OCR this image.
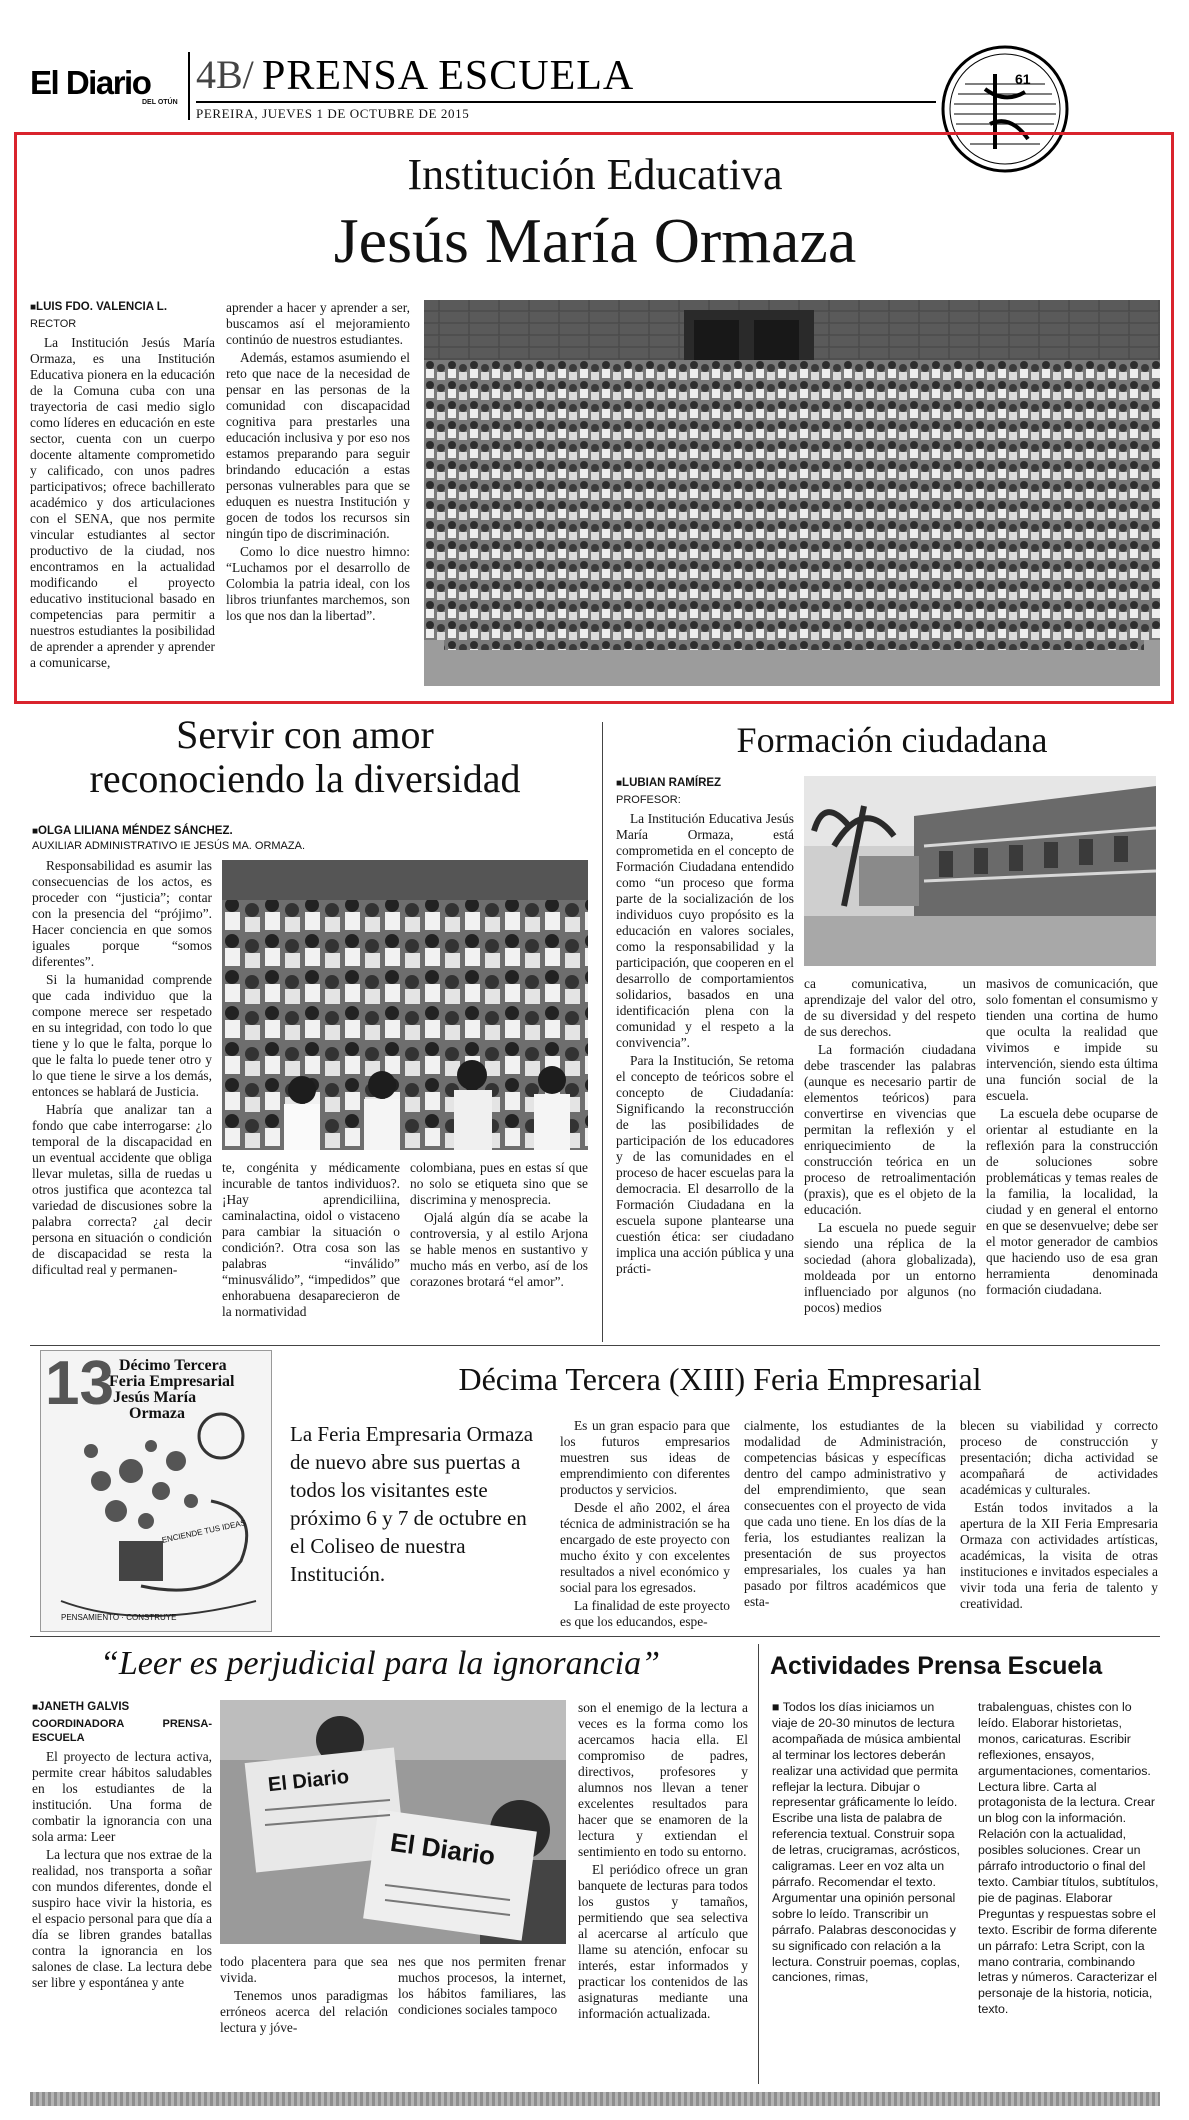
El Diario
DEL OTÚN
4B/ PRENSA ESCUELA
PEREIRA, JUEVES 1 DE OCTUBRE DE 2015
61
Institución Educativa
Jesús María Ormaza

■ LUIS FDO. VALENCIA L.

RECTOR

La Institución Jesús María Ormaza, es una Institución Educativa pionera en la educación de la Comuna cuba con una trayectoria de casi medio siglo como líderes en educación en este sector, cuenta con un cuerpo docente altamente comprometido y calificado, con unos padres participativos; ofrece bachillerato académico y dos articulaciones con el SENA, que nos permite vincular estudiantes al sector productivo de la ciudad, nos encontramos en la actualidad modificando el proyecto educativo institucional basado en competencias para permitir a nuestros estudiantes la posibilidad de aprender a aprender y aprender a comunicarse,

aprender a hacer y aprender a ser, buscamos así el mejoramiento continúo de nuestros estudiantes.

Además, estamos asumiendo el reto que nace de la necesidad de pensar en las personas de la comunidad con discapacidad cognitiva para prestarles una educación inclusiva y por eso nos estamos preparando para seguir brindando educación a estas personas vulnerables para que se eduquen es nuestra Institución y gocen de todos los recursos sin ningún tipo de discriminación.

Como lo dice nuestro himno: “Luchamos por el desarrollo de Colombia la patria ideal, con los libros triunfantes marchemos, son los que nos dan la libertad”.

Servir con amor
reconociendo la diversidad
■ OLGA LILIANA MÉNDEZ SÁNCHEZ.
AUXILIAR ADMINISTRATIVO IE JESÚS MA. ORMAZA.

Responsabilidad es asumir las consecuencias de los actos, es proceder con “justicia”; contar con la presencia del “prójimo”. Hacer conciencia en que somos iguales porque “somos diferentes”.

Si la humanidad comprende que cada individuo que la compone merece ser respetado en su integridad, con todo lo que tiene y lo que le falta, porque lo que le falta lo puede tener otro y lo que tiene le sirve a los demás, entonces se hablará de Justicia.

Habría que analizar tan a fondo que cabe interrogarse: ¿lo temporal de la discapacidad en un eventual accidente que obliga llevar muletas, silla de ruedas u otros justifica que acontezca tal variedad de discusiones sobre la palabra correcta? ¿al decir persona en situación o condición de discapacidad se resta la dificultad real y permanen-

te, congénita y médicamente incurable de tantos individuos?. ¡Hay aprendiciliina, caminalactina, oidol o vistaceno para cambiar la situación o condición?. Otra cosa son las palabras “inválido” “minusválido”, “impedidos” que enhorabuena desaparecieron de la normatividad

colombiana, pues en estas sí que no solo se etiqueta sino que se discrimina y menosprecia.

Ojalá algún día se acabe la controversia, y al estilo Arjona se hable menos en sustantivo y mucho más en verbo, así de los corazones brotará “el amor”.

Formación ciudadana

■ LUBIAN RAMÍREZ

PROFESOR:

La Institución Educativa Jesús María Ormaza, está comprometida en el concepto de Formación Ciudadana entendido como “un proceso que forma parte de la socialización de los individuos cuyo propósito es la educación en valores sociales, como la responsabilidad y la participación, que cooperen en el desarrollo de comportamientos solidarios, basados en una identificación plena con la comunidad y el respeto a la convivencia”.

Para la Institución, Se retoma el concepto de teóricos sobre el concepto de Ciudadanía: Significando la reconstrucción de las posibilidades de participación de los educadores y de las comunidades en el proceso de hacer escuelas para la democracia. El desarrollo de la Formación Ciudadana en la escuela supone plantearse una cuestión ética: ser ciudadano implica una acción pública y una prácti-

ca comunicativa, un aprendizaje del valor del otro, de su diversidad y del respeto de sus derechos.

La formación ciudadana debe trascender las palabras (aunque es necesario partir de elementos teóricos) para convertirse en vivencias que permitan la reflexión y el enriquecimiento de la construcción teórica en un proceso de retroalimentación (praxis), que es el objeto de la educación.

La escuela no puede seguir siendo una réplica de la sociedad (ahora globalizada), moldeada por un entorno influenciado por algunos (no pocos) medios

masivos de comunicación, que solo fomentan el consumismo y tienden una cortina de humo que oculta la realidad que vivimos e impide su intervención, siendo esta última una función social de la escuela.

La escuela debe ocuparse de orientar al estudiante en la reflexión para la construcción de soluciones sobre problemáticas y temas reales de la familia, la localidad, la ciudad y en general el entorno en que se desenvuelve; debe ser el motor generador de cambios que haciendo uso de esa gran herramienta denominada formación ciudadana.

13 Décimo Tercera
Feria Empresarial
Jesús María
Ormaza
ENCIENDE TUS IDEAS
PENSAMIENTO · CONSTRUYE
Décima Tercera (XIII) Feria Empresarial
La Feria Empresaria Ormaza de nuevo abre sus puertas a todos los visitantes este próximo 6 y 7 de octubre en el Coliseo de nuestra Institución.

Es un gran espacio para que los futuros empresarios muestren sus ideas de emprendimiento con diferentes productos y servicios.

Desde el año 2002, el área técnica de administración se ha encargado de este proyecto con mucho éxito y con excelentes resultados a nivel económico y social para los egresados.

La finalidad de este proyecto es que los educandos, espe-

cialmente, los estudiantes de la modalidad de Administración, competencias básicas y específicas dentro del campo administrativo y del emprendimiento, que sean consecuentes con el proyecto de vida que cada uno tiene. En los días de la feria, los estudiantes realizan la presentación de sus proyectos empresariales, los cuales ya han pasado por filtros académicos que esta-

blecen su viabilidad y correcto proceso de construcción y presentación; dicha actividad se acompañará de actividades académicas y culturales.

Están todos invitados a la apertura de la XII Feria Empresaria Ormaza con actividades artísticas, académicas, la visita de otras instituciones e invitados especiales a vivir toda una feria de talento y creatividad.

“Leer es perjudicial para la ignorancia”

■ JANETH GALVIS

COORDINADORA PRENSA-ESCUELA

El proyecto de lectura activa, permite crear hábitos saludables en los estudiantes de la institución. Una forma de combatir la ignorancia con una sola arma: Leer

La lectura que nos extrae de la realidad, nos transporta a soñar con mundos diferentes, donde el suspiro hace vivir la historia, es el espacio personal para que día a día se libren grandes batallas contra la ignorancia en los salones de clase. La lectura debe ser libre y espontánea y ante

El Diario
El Diario

todo placentera para que sea vivida.

Tenemos unos paradigmas erróneos acerca del relación lectura y jóve-

nes que nos permiten frenar muchos procesos, la internet, los hábitos familiares, las condiciones sociales tampoco

son el enemigo de la lectura a veces es la forma como los acercamos hacia ella. El compromiso de padres, directivos, profesores y alumnos nos llevan a tener excelentes resultados para hacer que se enamoren de la lectura y extiendan el sentimiento en todo su entorno.

El periódico ofrece un gran banquete de lecturas para todos los gustos y tamaños, permitiendo que sea selectiva al acercarse al artículo que llame su atención, enfocar su interés, estar informados y practicar los contenidos de las asignaturas mediante una información actualizada.

Actividades Prensa Escuela

■ Todos los días iniciamos un viaje de 20-30 minutos de lectura acompañada de música ambiental al terminar los lectores deberán realizar una actividad que permita reflejar la lectura. Dibujar o representar gráficamente lo leído. Escribe una lista de palabra de referencia textual. Construir sopa de letras, crucigramas, acrósticos, caligramas. Leer en voz alta un párrafo. Recomendar el texto. Argumentar una opinión personal sobre lo leído. Transcribir un párrafo. Palabras desconocidas y su significado con relación a la lectura. Construir poemas, coplas, canciones, rimas,

trabalenguas, chistes con lo leído. Elaborar historietas, monos, caricaturas. Escribir reflexiones, ensayos, argumentaciones, comentarios. Lectura libre. Carta al protagonista de la lectura. Crear un blog con la información. Relación con la actualidad, posibles soluciones. Crear un párrafo introductorio o final del texto. Cambiar títulos, subtítulos, pie de paginas. Elaborar Preguntas y respuestas sobre el texto. Escribir de forma diferente un párrafo: Letra Script, con la mano contraria, combinando letras y números. Caracterizar el personaje de la historia, noticia, texto.
